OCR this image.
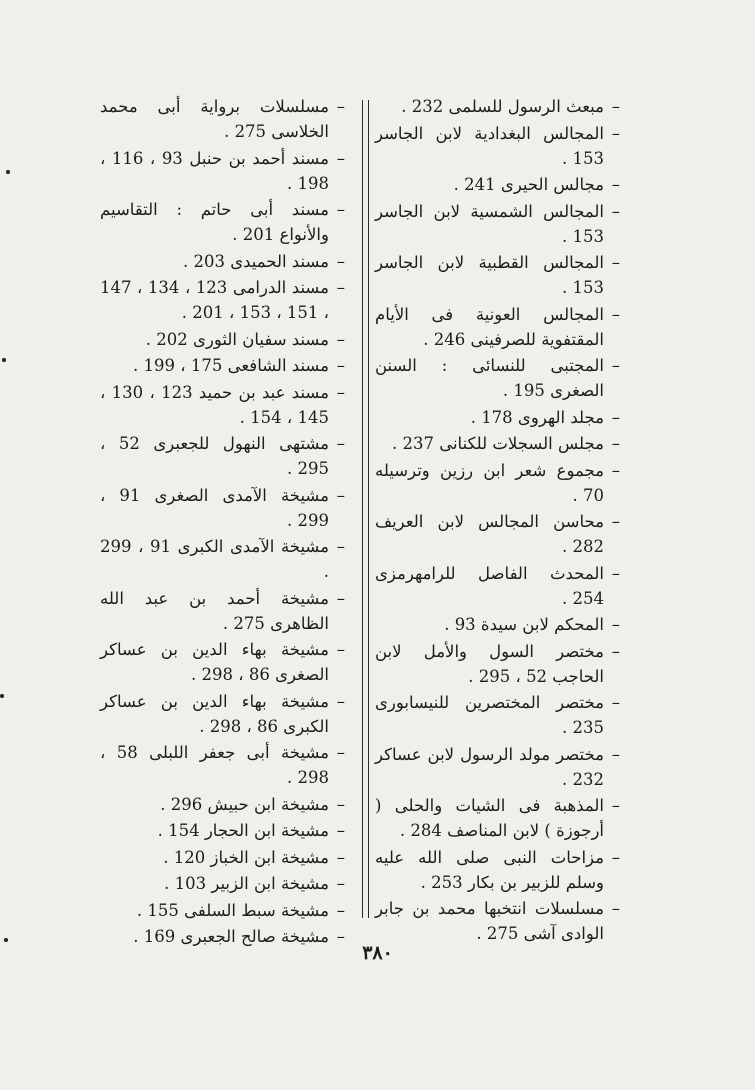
– مبعث الرسول للسلمى 232 .
– المجالس البغدادية لابن الجاسر 153 .
– مجالس الحيرى 241 .
– المجالس الشمسية لابن الجاسر 153 .
– المجالس القطبية لابن الجاسر 153 .
– المجالس العونية فى الأيام المقتفوية للصرفينى 246 .
– المجتبى للنسائى : السنن الصغرى 195 .
– مجلد الهروى 178 .
– مجلس السجلات للكنانى 237 .
– مجموع شعر ابن رزين وترسيله 70 .
– محاسن المجالس لابن العريف 282 .
– المحدث الفاصل للرامهرمزى 254 .
– المحكم لابن سيدة 93 .
– مختصر السول والأمل لابن الحاجب 52 ، 295 .
– مختصر المختصرين للنيسابورى 235 .
– مختصر مولد الرسول لابن عساكر 232 .
– المذهبة فى الشيات والحلى ( أرجوزة ) لابن المناصف 284 .
– مزاحات النبى صلى الله عليه وسلم للزبير بن بكار 253 .
– مسلسلات انتخبها محمد بن جابر الوادى آشى 275 .
– مسلسلات برواية أبى محمد الخلاسى 275 .
– مسند أحمد بن حنبل 93 ، 116 ، 198 .
– مسند أبى حاتم : التقاسيم والأنواع 201 .
– مسند الحميدى 203 .
– مسند الدرامى 123 ، 134 ، 147 ، 151 ، 153 ، 201 .
– مسند سفيان الثورى 202 .
– مسند الشافعى 175 ، 199 .
– مسند عبد بن حميد 123 ، 130 ، 145 ، 154 .
– مشتهى النهول للجعبرى 52 ، 295 .
– مشيخة الآمدى الصغرى 91 ، 299 .
– مشيخة الآمدى الكبرى 91 ، 299 .
– مشيخة أحمد بن عبد الله الظاهرى 275 .
– مشيخة بهاء الدين بن عساكر الصغرى 86 ، 298 .
– مشيخة بهاء الدين بن عساكر الكبرى 86 ، 298 .
– مشيخة أبى جعفر اللبلى 58 ، 298 .
– مشيخة ابن حبيش 296 .
– مشيخة ابن الحجار 154 .
– مشيخة ابن الخباز 120 .
– مشيخة ابن الزبير 103 .
– مشيخة سبط السلفى 155 .
– مشيخة صالح الجعبرى 169 .
٣٨٠
